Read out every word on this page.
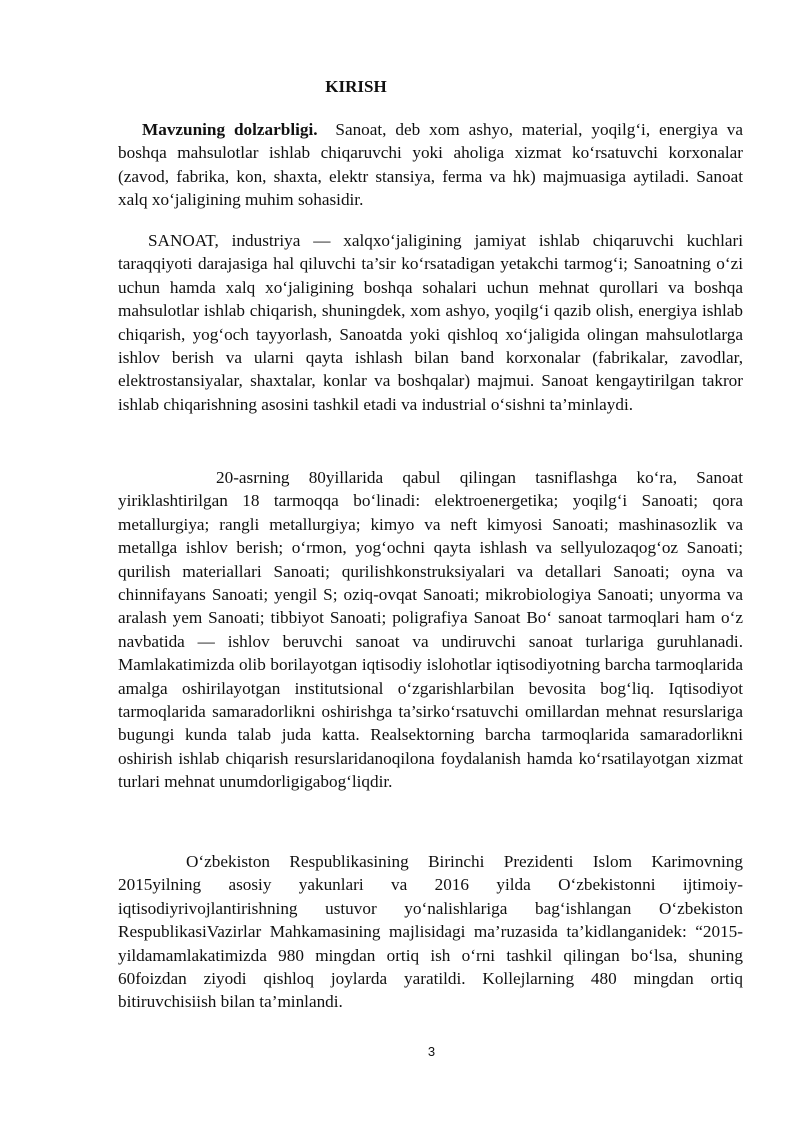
KIRISH

Mavzuning dolzarbligi. Sanoat, deb xom ashyo, material, yoqilg‘i, energiya va boshqa mahsulotlar ishlab chiqaruvchi yoki aholiga xizmat ko‘rsatuvchi korxonalar (zavod, fabrika, kon, shaxta, elektr stansiya, ferma va hk) majmuasiga aytiladi. Sanoat xalq xo‘jaligining muhim sohasidir.

SANOAT, industriya — xalqxo‘jaligining jamiyat ishlab chiqaruvchi kuchlari taraqqiyoti darajasiga hal qiluvchi ta’sir ko‘rsatadigan yetakchi tarmog‘i; Sanoatning o‘zi uchun hamda xalq xo‘jaligining boshqa sohalari uchun mehnat qurollari va boshqa mahsulotlar ishlab chiqarish, shuningdek, xom ashyo, yoqilg‘i qazib olish, energiya ishlab chiqarish, yog‘och tayyorlash, Sanoatda yoki qishloq xo‘jaligida olingan mahsulotlarga ishlov berish va ularni qayta ishlash bilan band korxonalar (fabrikalar, zavodlar, elektrostansiyalar, shaxtalar, konlar va boshqalar) majmui. Sanoat kengaytirilgan takror ishlab chiqarishning asosini tashkil etadi va industrial o‘sishni ta’minlaydi.

20-asrning 80yillarida qabul qilingan tasniflashga ko‘ra, Sanoat yiriklashtirilgan 18 tarmoqqa bo‘linadi: elektroenergetika; yoqilg‘i Sanoati; qora metallurgiya; rangli metallurgiya; kimyo va neft kimyosi Sanoati; mashinasozlik va metallga ishlov berish; o‘rmon, yog‘ochni qayta ishlash va sellyulozaqog‘oz Sanoati; qurilish materiallari Sanoati; qurilishkonstruksiyalari va detallari Sanoati; oyna va chinnifayans Sanoati; yengil S; oziq-ovqat Sanoati; mikrobiologiya Sanoati; unyorma va aralash yem Sanoati; tibbiyot Sanoati; poligrafiya Sanoat Bo‘ sanoat tarmoqlari ham o‘z navbatida — ishlov beruvchi sanoat va undiruvchi sanoat turlariga guruhlanadi. Mamlakatimizda olib borilayotgan iqtisodiy islohotlar iqtisodiyotning barcha tarmoqlarida amalga oshirilayotgan institutsional o‘zgarishlarbilan bevosita bog‘liq. Iqtisodiyot tarmoqlarida samaradorlikni oshirishga ta’sirko‘rsatuvchi omillardan mehnat resurslariga bugungi kunda talab juda katta. Realsektorning barcha tarmoqlarida samaradorlikni oshirish ishlab chiqarish resurslaridanoqilona foydalanish hamda ko‘rsatilayotgan xizmat turlari mehnat unumdorligigabog‘liqdir.

O‘zbekiston Respublikasining Birinchi Prezidenti Islom Karimovning 2015yilning asosiy yakunlari va 2016 yilda O‘zbekistonni ijtimoiy-iqtisodiyrivojlantirishning ustuvor yo‘nalishlariga bag‘ishlangan O‘zbekiston RespublikasiVazirlar Mahkamasining majlisidagi ma’ruzasida ta’kidlanganidek: “2015-yildamamlakatimizda 980 mingdan ortiq ish o‘rni tashkil qilingan bo‘lsa, shuning 60foizdan ziyodi qishloq joylarda yaratildi. Kollejlarning 480 mingdan ortiq bitiruvchisiish bilan ta’minlandi.

3
